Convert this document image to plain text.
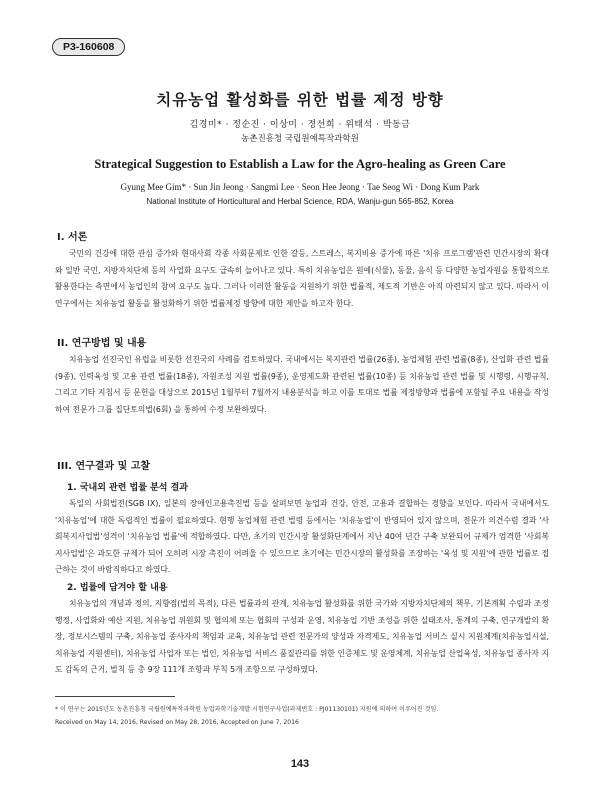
P3-160608
치유농업 활성화를 위한 법률 제정 방향
김경미* · 정순진 · 이상미 · 정선희 · 위태석 · 박동금
농촌진흥청 국립원예특작과학원
Strategical Suggestion to Establish a Law for the Agro-healing as Green Care
Gyung Mee Gim* · Sun Jin Jeong · Sangmi Lee · Seon Hee Jeong · Tae Seog Wi · Dong Kum Park
National Institute of Horticultural and Herbal Science, RDA, Wanju-gun 565-852, Korea
I. 서론

국민의 건강에 대한 관심 증가와 현대사회 각종 사회문제로 인한 갈등, 스트레스, 복지비용 증가에 따른 '치유 프로그램'관련 민간시장의 확대와 일반 국민, 지방자치단체 등의 사업화 요구도 급속히 늘어나고 있다. 특히 치유농업은 원예(식물), 동물, 음식 등 다양한 농업자원을 통합적으로 활용한다는 측면에서 농업인의 참여 요구도 높다. 그러나 이러한 활동을 지원하기 위한 법률적, 제도적 기반은 아직 마련되지 않고 있다. 따라서 이 연구에서는 치유농업 활동을 활성화하기 위한 법률제정 방향에 대한 제안을 하고자 한다.

II. 연구방법 및 내용

치유농업 선진국인 유럽을 비롯한 선진국의 사례를 검토하였다. 국내에서는 복지관련 법률(26종), 농업체험 관련 법률(8종), 산업화 관련 법률(9종), 인력육성 및 고용 관련 법률(18종), 자원조성 지원 법률(9종), 운영제도화 관련된 법률(10종) 등 치유농업 관련 법률 및 시행령, 시행규칙, 그리고 기타 지침서 등 문헌을 대상으로 2015년 1월부터 7월까지 내용분석을 하고 이를 토대로 법률 제정방향과 법률에 포함될 주요 내용을 작성하여 전문가 그룹 집단토의법(6회) 을 통하여 수정 보완하였다.

III. 연구결과 및 고찰
1. 국내외 관련 법률 분석 결과

독일의 사회법전(SGB IX), 일본의 장애인고용촉진법 등을 살펴보면 농업과 건강, 안전, 고용과 결합하는 경향을 보인다. 따라서 국내에서도 '치유농업'에 대한 독립적인 법률이 필요하였다. 현행 농업체험 관련 법령 등에서는 '치유농업'이 반영되어 있지 않으며, 전문가 의견수렴 결과 '사회복지사업법'성격이 '치유농업 법률'에 적합하였다. 다만, 초기의 민간시장 활성화단계에서 지난 40여 년간 구축 보완되어 규제가 엄격한 '사회복지사업법'은 과도한 규제가 되어 오히려 시장 촉진이 어려울 수 있으므로 초기에는 민간시장의 활성화를 조장하는 '육성 및 지원'에 관한 법률로 접근하는 것이 바람직하다고 하였다.

2. 법률에 담겨야 할 내용

치유농업의 개념과 정의, 지향점(법의 목적), 다른 법률과의 관계, 치유농업 활성화를 위한 국가와 지방자치단체의 책무, 기본계획 수립과 조정행정, 사업화와 예산 지원, 치유농업 위원회 및 협의체 또는 협회의 구성과 운영, 치유농업 기반 조성을 위한 실태조사, 통계의 구축, 연구개발의 확장, 정보시스템의 구축, 치유농업 종사자의 책임과 교육, 치유농업 관련 전문가의 양성과 자격제도, 치유농업 서비스 실시 지원체계(치유농업시설, 치유농업 지원센터), 치유농업 사업자 또는 법인, 치유농업 서비스 품질관리를 위한 인증제도 및 운영체계, 치유농업 산업육성, 치유농업 종사자 지도 감독의 근거, 벌칙 등 총 9장 111개 조항과 부칙 5개 조항으로 구성하였다.

* 이 연구는 2015년도 농촌진흥청 국립원예특작과학원 농업과학기술개발 시험연구사업(과제번호 : PJ01130101) 지원에 의하여 이루어진 것임.
Received on May 14, 2016, Revised on May 28, 2016, Accepted on June 7, 2016
143
